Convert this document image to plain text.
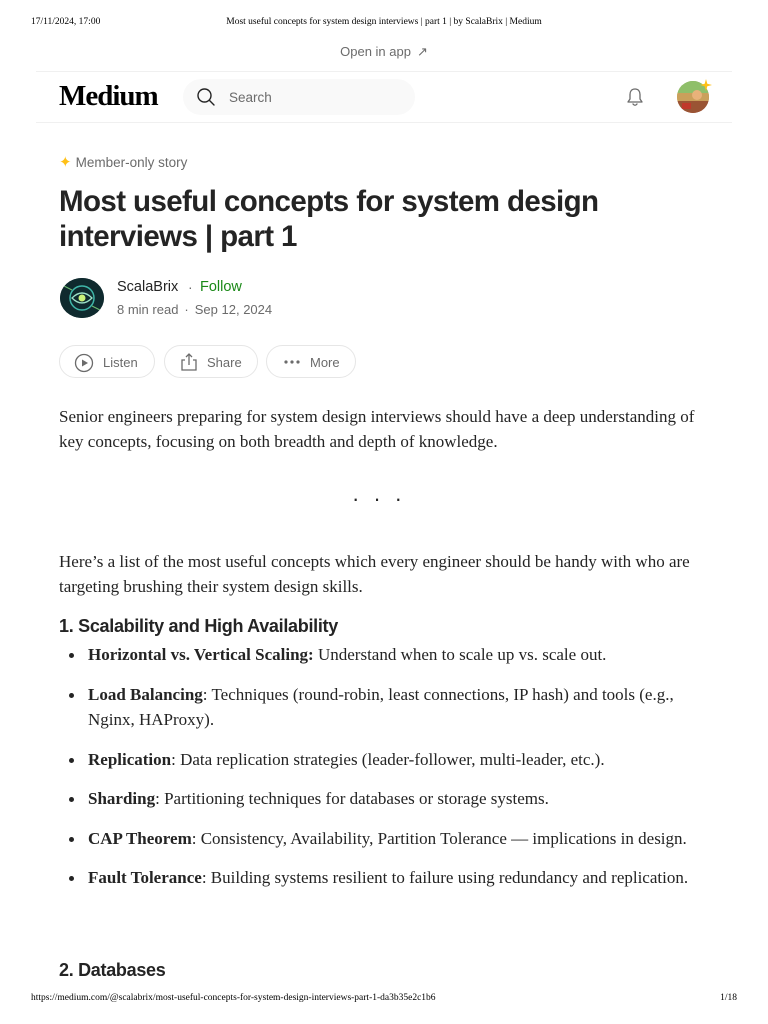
17/11/2024, 17:00	Most useful concepts for system design interviews | part 1 | by ScalaBrix | Medium
Open in app ↗
Medium	Search
✦ Member-only story
Most useful concepts for system design interviews | part 1
ScalaBrix · Follow
8 min read · Sep 12, 2024
Listen	Share	More

Senior engineers preparing for system design interviews should have a deep understanding of key concepts, focusing on both breadth and depth of knowledge.

···

Here’s a list of the most useful concepts which every engineer should be handy with who are targeting brushing their system design skills.

1. Scalability and High Availability
Horizontal vs. Vertical Scaling: Understand when to scale up vs. scale out.
Load Balancing: Techniques (round-robin, least connections, IP hash) and tools (e.g., Nginx, HAProxy).
Replication: Data replication strategies (leader-follower, multi-leader, etc.).
Sharding: Partitioning techniques for databases or storage systems.
CAP Theorem: Consistency, Availability, Partition Tolerance — implications in design.
Fault Tolerance: Building systems resilient to failure using redundancy and replication.
2. Databases
https://medium.com/@scalabrix/most-useful-concepts-for-system-design-interviews-part-1-da3b35e2c1b6	1/18
